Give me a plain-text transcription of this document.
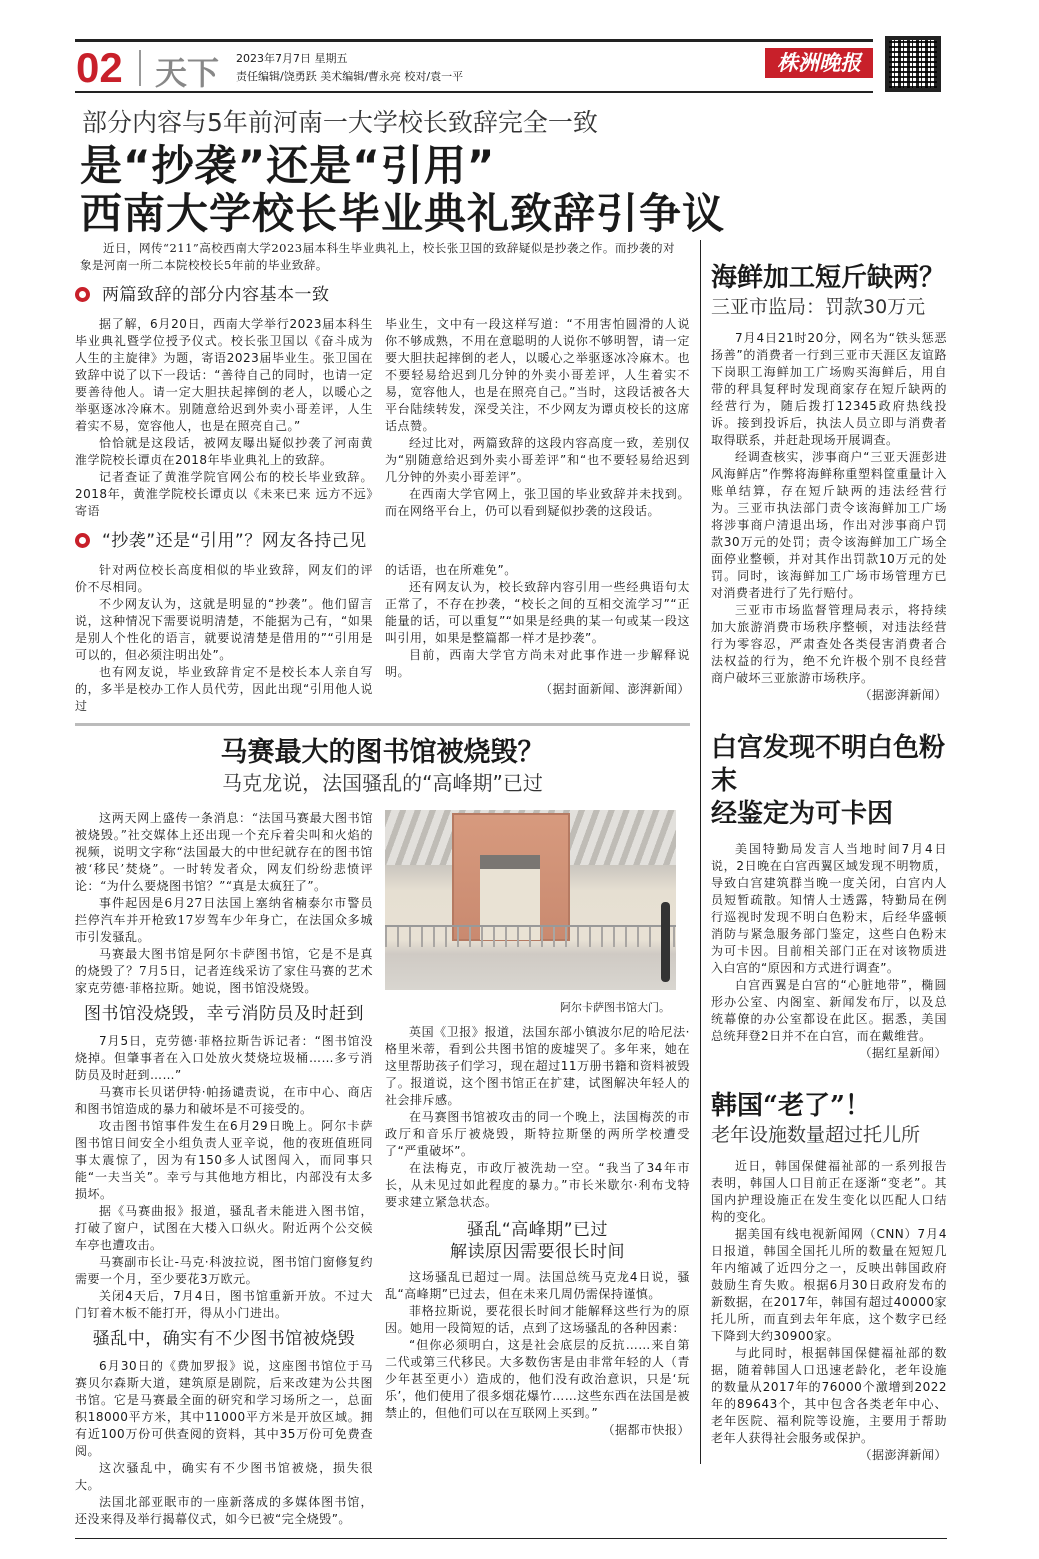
02 天下 2023年7月7日 星期五
责任编辑/饶勇跃 美术编辑/曹永亮 校对/袁一平
株洲晚报
部分内容与5年前河南一大学校长致辞完全一致
是“抄袭”还是“引用”
西南大学校长毕业典礼致辞引争议

近日，网传“211”高校西南大学2023届本科生毕业典礼上，校长张卫国的致辞疑似是抄袭之作。而抄袭的对象是河南一所二本院校校长5年前的毕业致辞。

两篇致辞的部分内容基本一致

据了解，6月20日，西南大学举行2023届本科生毕业典礼暨学位授予仪式。校长张卫国以《奋斗成为人生的主旋律》为题，寄语2023届毕业生。张卫国在致辞中说了以下一段话：“善待自己的同时，也请一定要善待他人。请一定大胆扶起摔倒的老人，以暖心之举驱逐冰冷麻木。别随意给迟到外卖小哥差评，人生着实不易，宽容他人，也是在照亮自己。”

恰恰就是这段话，被网友曝出疑似抄袭了河南黄淮学院校长谭贞在2018年毕业典礼上的致辞。

记者查证了黄淮学院官网公布的校长毕业致辞。2018年，黄淮学院校长谭贞以《未来已来 远方不远》寄语

毕业生，文中有一段这样写道：“不用害怕圆滑的人说你不够成熟，不用在意聪明的人说你不够明智，请一定要大胆扶起摔倒的老人，以暖心之举驱逐冰冷麻木。也不要轻易给迟到几分钟的外卖小哥差评，人生着实不易，宽容他人，也是在照亮自己。”当时，这段话被各大平台陆续转发，深受关注，不少网友为谭贞校长的这席话点赞。

经过比对，两篇致辞的这段内容高度一致，差别仅为“别随意给迟到外卖小哥差评”和“也不要轻易给迟到几分钟的外卖小哥差评”。

在西南大学官网上，张卫国的毕业致辞并未找到。而在网络平台上，仍可以看到疑似抄袭的这段话。

“抄袭”还是“引用”？网友各持己见

针对两位校长高度相似的毕业致辞，网友们的评价不尽相同。

不少网友认为，这就是明显的“抄袭”。他们留言说，这种情况下需要说明清楚，不能据为己有，“如果是别人个性化的语言，就要说清楚是借用的”“引用是可以的，但必须注明出处”。

也有网友说，毕业致辞肯定不是校长本人亲自写的，多半是校办工作人员代劳，因此出现“引用他人说过

的话语，也在所难免”。

还有网友认为，校长致辞内容引用一些经典语句太正常了，不存在抄袭，“校长之间的互相交流学习”“正能量的话，可以重复”“如果是经典的某一句或某一段这叫引用，如果是整篇都一样才是抄袭”。

目前，西南大学官方尚未对此事作进一步解释说明。

（据封面新闻、澎湃新闻）
马赛最大的图书馆被烧毁？
马克龙说，法国骚乱的“高峰期”已过

这两天网上盛传一条消息：“法国马赛最大图书馆被烧毁。”社交媒体上还出现一个充斥着尖叫和火焰的视频，说明文字称“法国最大的中世纪就存在的图书馆被‘移民’焚烧”。一时转发者众，网友们纷纷悲愤评论：“为什么要烧图书馆？”“真是太疯狂了”。

事件起因是6月27日法国上塞纳省楠泰尔市警员拦停汽车并开枪致17岁驾车少年身亡，在法国众多城市引发骚乱。

马赛最大图书馆是阿尔卡萨图书馆，它是不是真的烧毁了？7月5日，记者连线采访了家住马赛的艺术家克劳德·菲格拉斯。她说，图书馆没烧毁。

图书馆没烧毁，幸亏消防员及时赶到

7月5日，克劳德·菲格拉斯告诉记者：“图书馆没烧掉。但肇事者在入口处放火焚烧垃圾桶……多亏消防员及时赶到……”

马赛市长贝诺伊特·帕扬谴责说，在市中心、商店和图书馆造成的暴力和破坏是不可接受的。

攻击图书馆事件发生在6月29日晚上。阿尔卡萨图书馆日间安全小组负责人亚辛说，他的夜班值班同事太震惊了，因为有150多人试图闯入，而同事只能“一夫当关”。幸亏与其他地方相比，内部没有太多损坏。

据《马赛曲报》报道，骚乱者未能进入图书馆，打破了窗户，试图在大楼入口纵火。附近两个公交候车亭也遭攻击。

马赛副市长让-马克·科波拉说，图书馆门窗修复约需要一个月，至少要花3万欧元。

关闭4天后，7月4日，图书馆重新开放。不过大门钉着木板不能打开，得从小门进出。

骚乱中，确实有不少图书馆被烧毁

6月30日的《费加罗报》说，这座图书馆位于马赛贝尔森斯大道，建筑原是剧院，后来改建为公共图书馆。它是马赛最全面的研究和学习场所之一，总面积18000平方米，其中11000平方米是开放区域。拥有近100万份可供查阅的资料，其中35万份可免费查阅。

这次骚乱中，确实有不少图书馆被烧，损失很大。

法国北部亚眠市的一座新落成的多媒体图书馆，还没来得及举行揭幕仪式，如今已被“完全烧毁”。

阿尔卡萨图书馆大门。

英国《卫报》报道，法国东部小镇波尔尼的哈尼法·格里米蒂，看到公共图书馆的废墟哭了。多年来，她在这里帮助孩子们学习，现在超过11万册书籍和资料被毁了。报道说，这个图书馆正在扩建，试图解决年轻人的社会排斥感。

在马赛图书馆被攻击的同一个晚上，法国梅茨的市政厅和音乐厅被烧毁，斯特拉斯堡的两所学校遭受了“严重破坏”。

在法梅克，市政厅被洗劫一空。“我当了34年市长，从未见过如此程度的暴力。”市长米歇尔·利布戈特要求建立紧急状态。

骚乱“高峰期”已过
解读原因需要很长时间

这场骚乱已超过一周。法国总统马克龙4日说，骚乱“高峰期”已过去，但在未来几周仍需保持谨慎。

菲格拉斯说，要花很长时间才能解释这些行为的原因。她用一段简短的话，点到了这场骚乱的各种因素：

“但你必须明白，这是社会底层的反抗……来自第二代或第三代移民。大多数伤害是由非常年轻的人（青少年甚至更小）造成的，他们没有政治意识，只是‘玩乐’，他们使用了很多烟花爆竹……这些东西在法国是被禁止的，但他们可以在互联网上买到。”

（据都市快报）
海鲜加工短斤缺两？
三亚市监局：罚款30万元

7月4日21时20分，网名为“铁头惩恶扬善”的消费者一行到三亚市天涯区友谊路下岗职工海鲜加工广场购买海鲜后，用自带的秤具复秤时发现商家存在短斤缺两的经营行为，随后拨打12345政府热线投诉。接到投诉后，执法人员立即与消费者取得联系，并赶赴现场开展调查。

经调查核实，涉事商户“三亚天涯彭进风海鲜店”作弊将海鲜称重塑料筐重量计入账单结算，存在短斤缺两的违法经营行为。三亚市执法部门责令该海鲜加工广场将涉事商户清退出场，作出对涉事商户罚款30万元的处罚；责令该海鲜加工广场全面停业整顿，并对其作出罚款10万元的处罚。同时，该海鲜加工广场市场管理方已对消费者进行了先行赔付。

三亚市市场监督管理局表示，将持续加大旅游消费市场秩序整顿，对违法经营行为零容忍，严肃查处各类侵害消费者合法权益的行为，绝不允许极个别不良经营商户破坏三亚旅游市场秩序。

（据澎湃新闻）
白宫发现不明白色粉末
经鉴定为可卡因

美国特勤局发言人当地时间7月4日说，2日晚在白宫西翼区域发现不明物质，导致白宫建筑群当晚一度关闭，白宫内人员短暂疏散。知情人士透露，特勤局在例行巡视时发现不明白色粉末，后经华盛顿消防与紧急服务部门鉴定，这些白色粉末为可卡因。目前相关部门正在对该物质进入白宫的“原因和方式进行调查”。

白宫西翼是白宫的“心脏地带”，椭圆形办公室、内阁室、新闻发布厅，以及总统幕僚的办公室都设在此区。据悉，美国总统拜登2日并不在白宫，而在戴维营。

（据红星新闻）
韩国“老了”！
老年设施数量超过托儿所

近日，韩国保健福祉部的一系列报告表明，韩国人口目前正在逐渐“变老”。其国内护理设施正在发生变化以匹配人口结构的变化。

据美国有线电视新闻网（CNN）7月4日报道，韩国全国托儿所的数量在短短几年内缩减了近四分之一，反映出韩国政府鼓励生育失败。根据6月30日政府发布的新数据，在2017年，韩国有超过40000家托儿所，而直到去年年底，这个数字已经下降到大约30900家。

与此同时，根据韩国保健福祉部的数据，随着韩国人口迅速老龄化，老年设施的数量从2017年的76000个激增到2022年的89643个，其中包含各类老年中心、老年医院、福利院等设施，主要用于帮助老年人获得社会服务或保护。

（据澎湃新闻）
